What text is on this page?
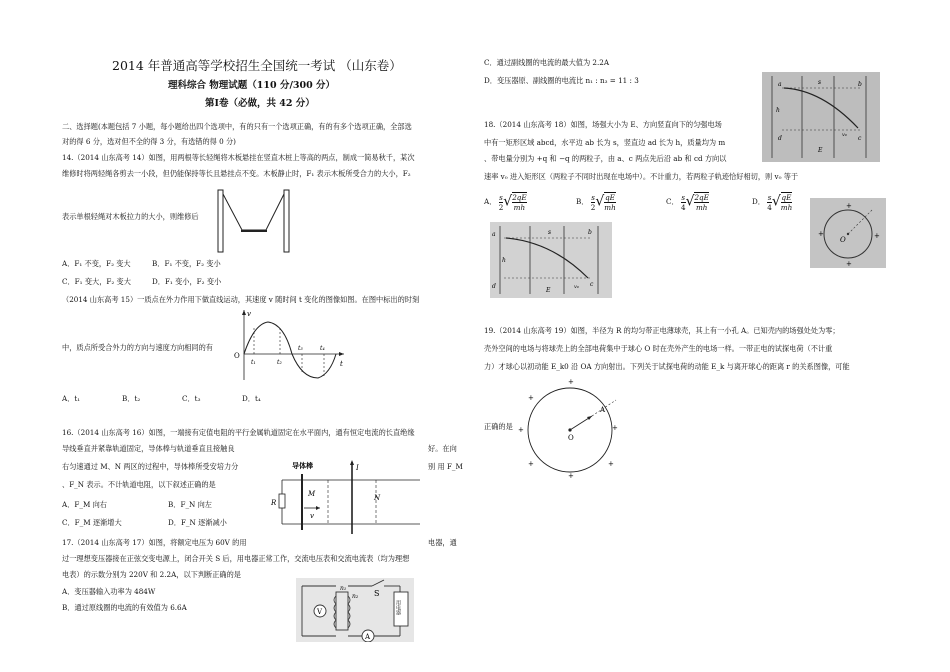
2014 年普通高等学校招生全国统一考试 （山东卷）
理科综合 物理试题（110 分/300 分）
第Ⅰ卷（必做，共 42 分）
二、选择题(本题包括 7 小题，每小题给出四个选项中，有的只有一个选项正确，有的有多个选项正确，全部选
对的得 6 分，选对但不全的得 3 分，有选错的得 0 分)
14.（2014 山东高考 14）如图，用两根等长轻绳将木板悬挂在竖直木桩上等高的两点，制成一简易秋千，某次
维修时将两轻绳各剪去一小段，但仍能保持等长且悬挂点不变。木板静止时，F₁ 表示木板所受合力的大小，F₂
表示单根轻绳对木板拉力的大小，则维修后
A．F₁ 不变，F₂ 变大	B．F₁ 不变，F₂ 变小
C．F₁ 变大，F₂ 变大	D．F₁ 变小，F₂ 变小
（2014 山东高考 15）一质点在外力作用下做直线运动，其速度 v 随时间 t 变化的图像如图。在图中标出的时刻
中，质点所受合外力的方向与速度方向相同的有
O
v
t
t₁	t₂
t₃	t₄
A．t₁	B．t₂	C．t₃	D．t₄
16.（2014 山东高考 16）如图，一端接有定值电阻的平行金属轨道固定在水平面内，通有恒定电流的长直绝缘
导线垂直并紧靠轨道固定，导体棒与轨道垂直且接触良	好。在向
右匀速通过 M、N 两区的过程中，导体棒所受安培力分	别 用 F_M
、F_N 表示。不计轨道电阻，以下叙述正确的是
导体棒	I
R
M	N
v
A．F_M 向右	B．F_N 向左
C．F_M 逐渐增大	D．F_N 逐渐减小
17.（2014 山东高考 17）如图，将额定电压为 60V 的用	电器，通
过一理想变压器接在正弦交变电源上，闭合开关 S 后，用电器正常工作，交流电压表和交流电流表（均为理想
电表）的示数分别为 220V 和 2.2A，以下判断正确的是
A．变压器输入功率为 484W
B．通过原线圈的电流的有效值为 6.6A	V
n₁
n₂ S
用电器
A
C．通过副线圈的电流的最大值为 2.2A
D．变压器原、副线圈的电流比 n₁ : n₃ = 11 : 3	a	b
c
d
s
h
E
v₀
18.（2014 山东高考 18）如图，场强大小为 E、方向竖直向下的匀强电场
中有一矩形区域 abcd，水平边 ab 长为 s，竖直边 ad 长为 h，质量均为 m
、带电量分别为 +q 和 −q 的两粒子，由 a、c 两点先后沿 ab 和 cd 方向以
速率 v₀ 进入矩形区（两粒子不同时出现在电场中）。不计重力，若两粒子轨迹恰好相切，则 v₀ 等于
A． $\frac{s}{2}$ √ $\frac{2qE}{mh}$	B． $\frac{s}{2}$ √ $\frac{qE}{mh}$	C． $\frac{s}{4}$ √ $\frac{2qE}{mh}$	D． $\frac{s}{4}$ √ $\frac{qE}{mh}$
O
+
+	+
+
a	b
c
d
s
h
E	v₀
19.（2014 山东高考 19）如图，半径为 R 的均匀带正电薄球壳，其上有一小孔 A。已知壳内的场强处处为零；
壳外空间的电场与将球壳上的全部电荷集中于球心 O 时在壳外产生的电场一样。一带正电的试探电荷（不计重
力）才球心以初动能 E_k0 沿 OA 方向射出。下列关于试探电荷的动能 E_k 与离开球心的距离 r 的关系图像，可能
正确的是
O
A
+
+
+
+
+
+
+
